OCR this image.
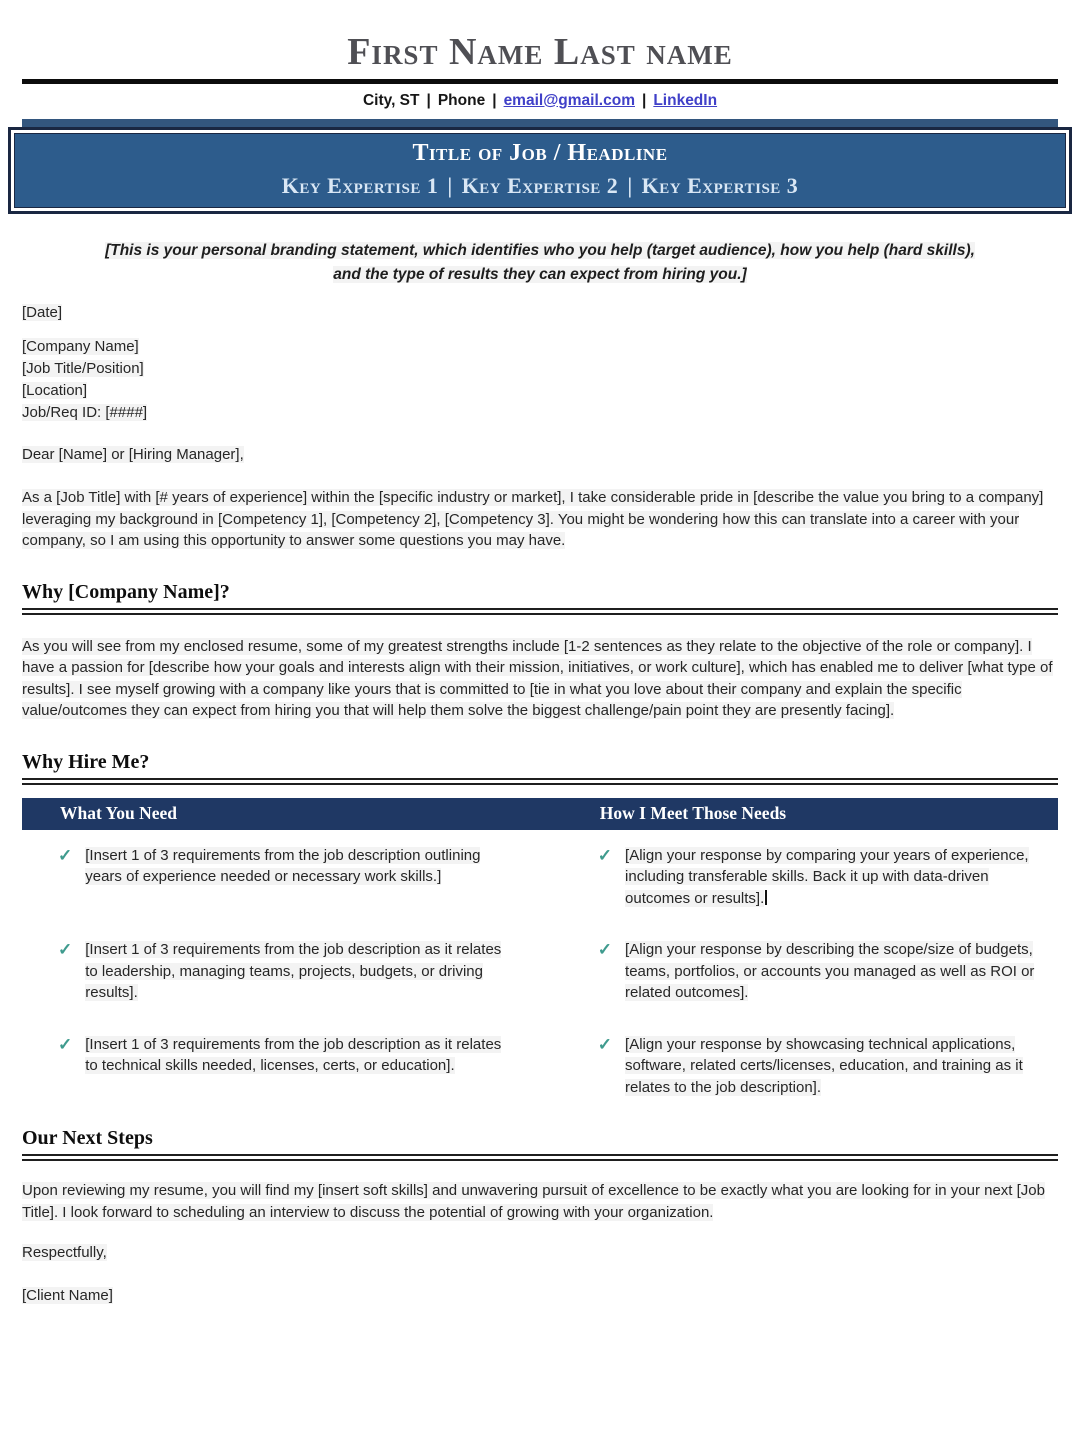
First Name Last name
City, ST | Phone | email@gmail.com | LinkedIn
Title of Job / Headline
Key Expertise 1 | Key Expertise 2 | Key Expertise 3
[This is your personal branding statement, which identifies who you help (target audience), how you help (hard skills), and the type of results they can expect from hiring you.]
[Date]
[Company Name]
[Job Title/Position]
[Location]
Job/Req ID: [####]
Dear [Name] or [Hiring Manager],
As a [Job Title] with [# years of experience] within the [specific industry or market], I take considerable pride in [describe the value you bring to a company] leveraging my background in [Competency 1], [Competency 2], [Competency 3]. You might be wondering how this can translate into a career with your company, so I am using this opportunity to answer some questions you may have.
Why [Company Name]?
As you will see from my enclosed resume, some of my greatest strengths include [1-2 sentences as they relate to the objective of the role or company]. I have a passion for [describe how your goals and interests align with their mission, initiatives, or work culture], which has enabled me to deliver [what type of results]. I see myself growing with a company like yours that is committed to [tie in what you love about their company and explain the specific value/outcomes they can expect from hiring you that will help them solve the biggest challenge/pain point they are presently facing].
Why Hire Me?
What You Need	How I Meet Those Needs
✓ [Insert 1 of 3 requirements from the job description outlining years of experience needed or necessary work skills.]
✓ [Align your response by comparing your years of experience, including transferable skills. Back it up with data-driven outcomes or results].
✓ [Insert 1 of 3 requirements from the job description as it relates to leadership, managing teams, projects, budgets, or driving results].
✓ [Align your response by describing the scope/size of budgets, teams, portfolios, or accounts you managed as well as ROI or related outcomes].
✓ [Insert 1 of 3 requirements from the job description as it relates to technical skills needed, licenses, certs, or education].
✓ [Align your response by showcasing technical applications, software, related certs/licenses, education, and training as it relates to the job description].
Our Next Steps
Upon reviewing my resume, you will find my [insert soft skills] and unwavering pursuit of excellence to be exactly what you are looking for in your next [Job Title]. I look forward to scheduling an interview to discuss the potential of growing with your organization.
Respectfully,
[Client Name]
